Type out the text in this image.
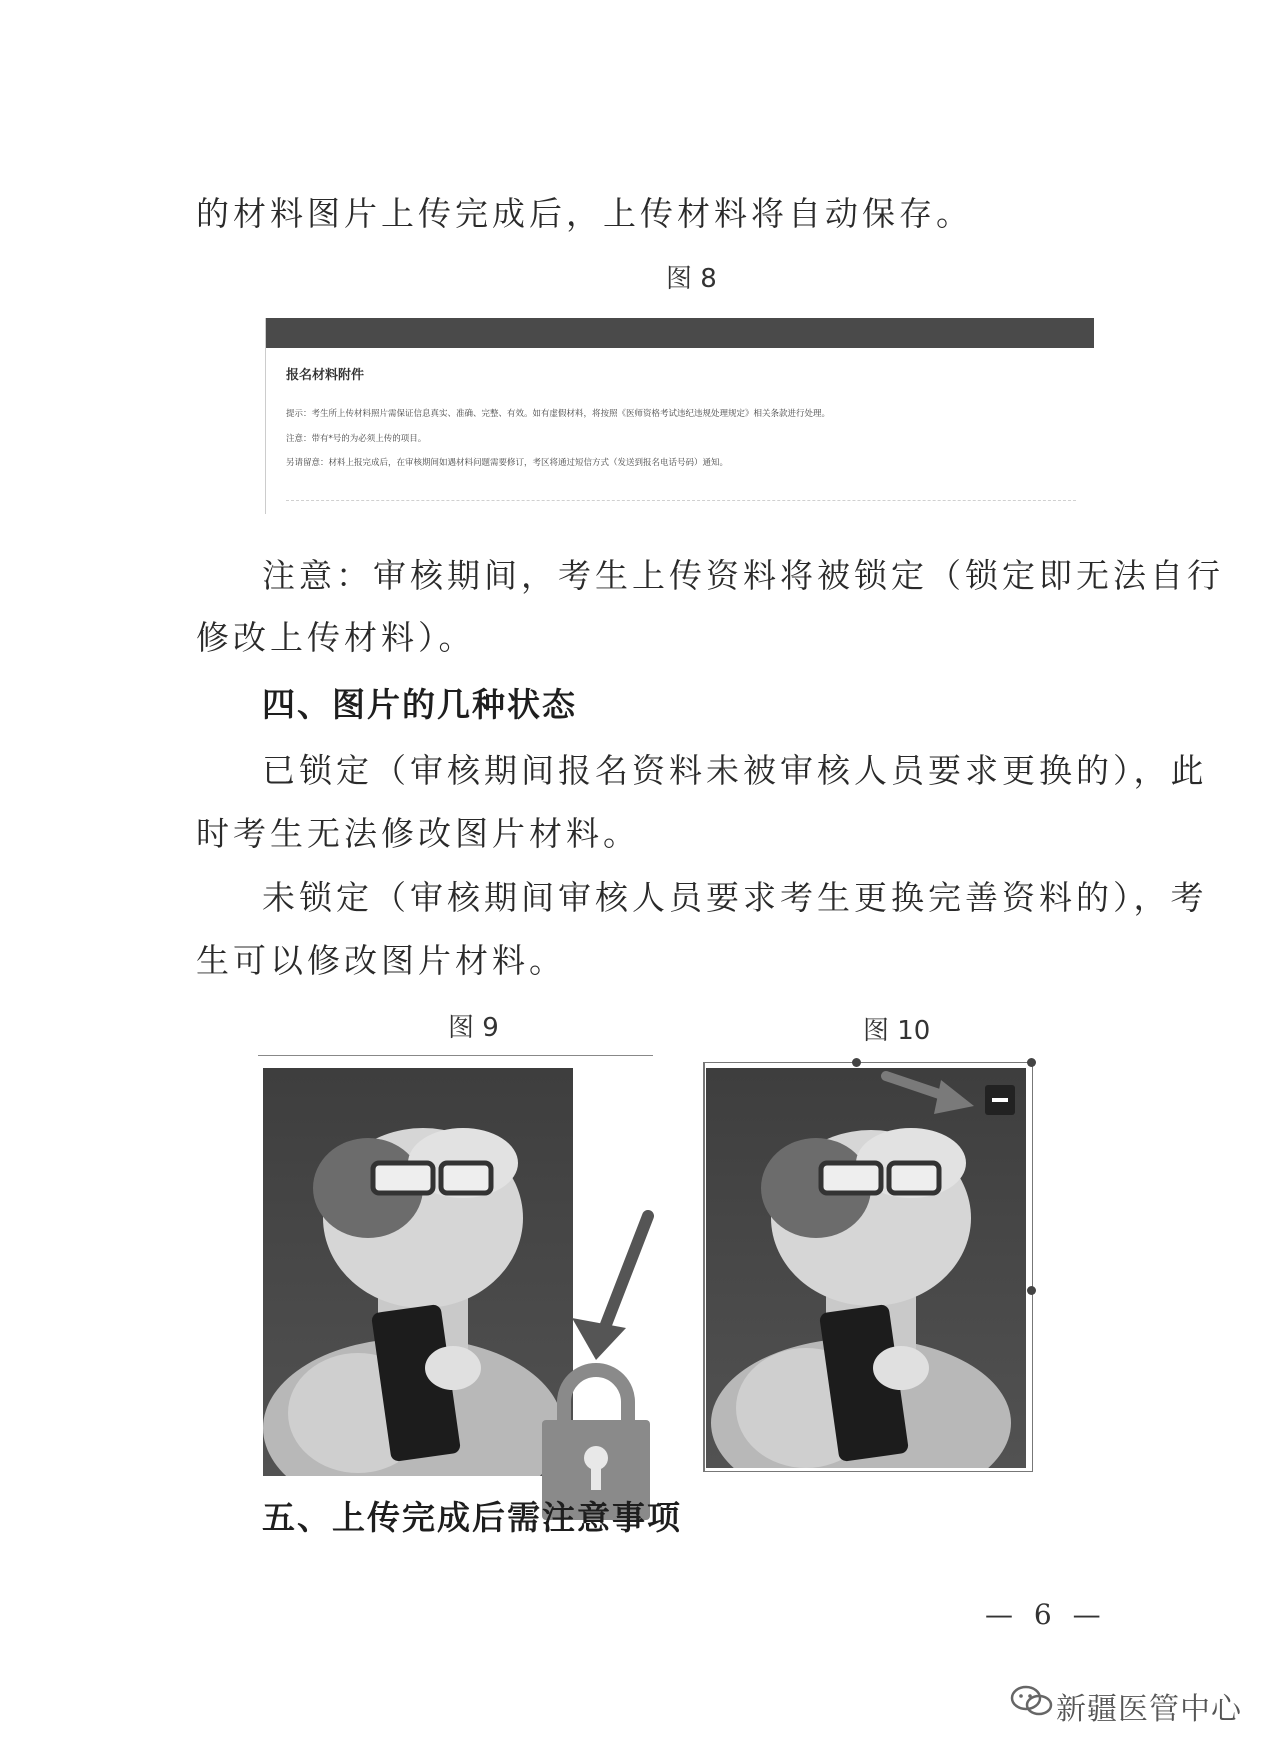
的材料图片上传完成后，上传材料将自动保存。
图 8
报名材料附件
提示：考生所上传材料照片需保证信息真实、准确、完整、有效。如有虚假材料，将按照《医师资格考试违纪违规处理规定》相关条款进行处理。
注意：带有*号的为必须上传的项目。
另请留意：材料上报完成后，在审核期间如遇材料问题需要修订，考区将通过短信方式（发送到报名电话号码）通知。
注意：审核期间，考生上传资料将被锁定（锁定即无法自行
修改上传材料）。
四、图片的几种状态
已锁定（审核期间报名资料未被审核人员要求更换的），此
时考生无法修改图片材料。
未锁定（审核期间审核人员要求考生更换完善资料的），考
生可以修改图片材料。
图 9	图 10
五、上传完成后需注意事项
— 6 —
新疆医管中心
